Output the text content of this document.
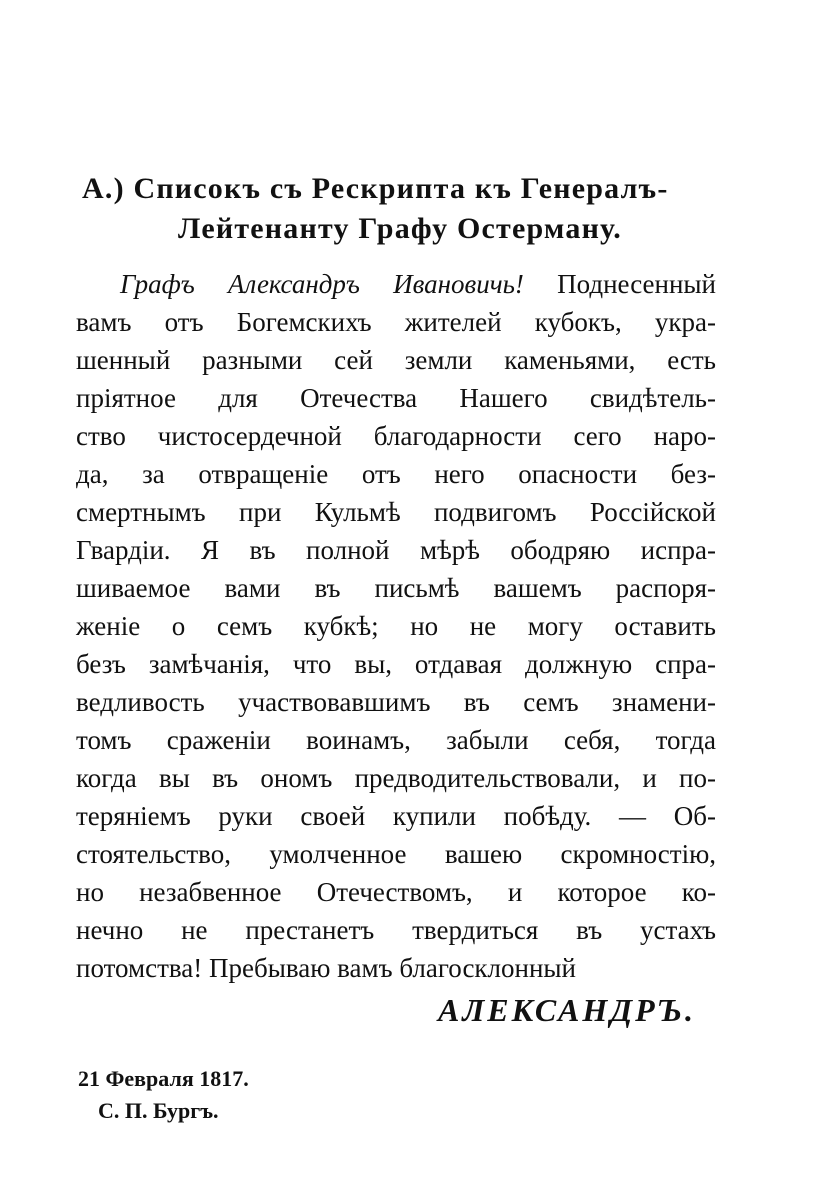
А.) Списокъ съ Рескрипта къ Генералъ-
Лейтенанту Графу Остерману.
Графъ Александръ Ивановичь! Поднесенный
вамъ отъ Богемскихъ жителей кубокъ, укра-
шенный разными сей земли каменьями, есть
пріятное для Отечества Нашего свидѣтель-
ство чистосердечной благодарности сего наро-
да, за отвращеніе отъ него опасности без-
смертнымъ при Кульмѣ подвигомъ Россійской
Гвардіи. Я въ полной мѣрѣ ободряю испра-
шиваемое вами въ письмѣ вашемъ распоря-
женіе о семъ кубкѣ; но не могу оставить
безъ замѣчанія, что вы, отдавая должную спра-
ведливость участвовавшимъ въ семъ знамени-
томъ сраженіи воинамъ, забыли себя, тогда
когда вы въ ономъ предводительствовали, и по-
терянiемъ руки своей купили побѣду. — Об-
стоятельство, умолченное вашею скромностію,
но незабвенное Отечествомъ, и которое ко-
нечно не престанетъ твердиться въ устахъ
потомства! Пребываю вамъ благосклонный
АЛЕКСАНДРЪ.
21 Февраля 1817.
С. П. Бургъ.
